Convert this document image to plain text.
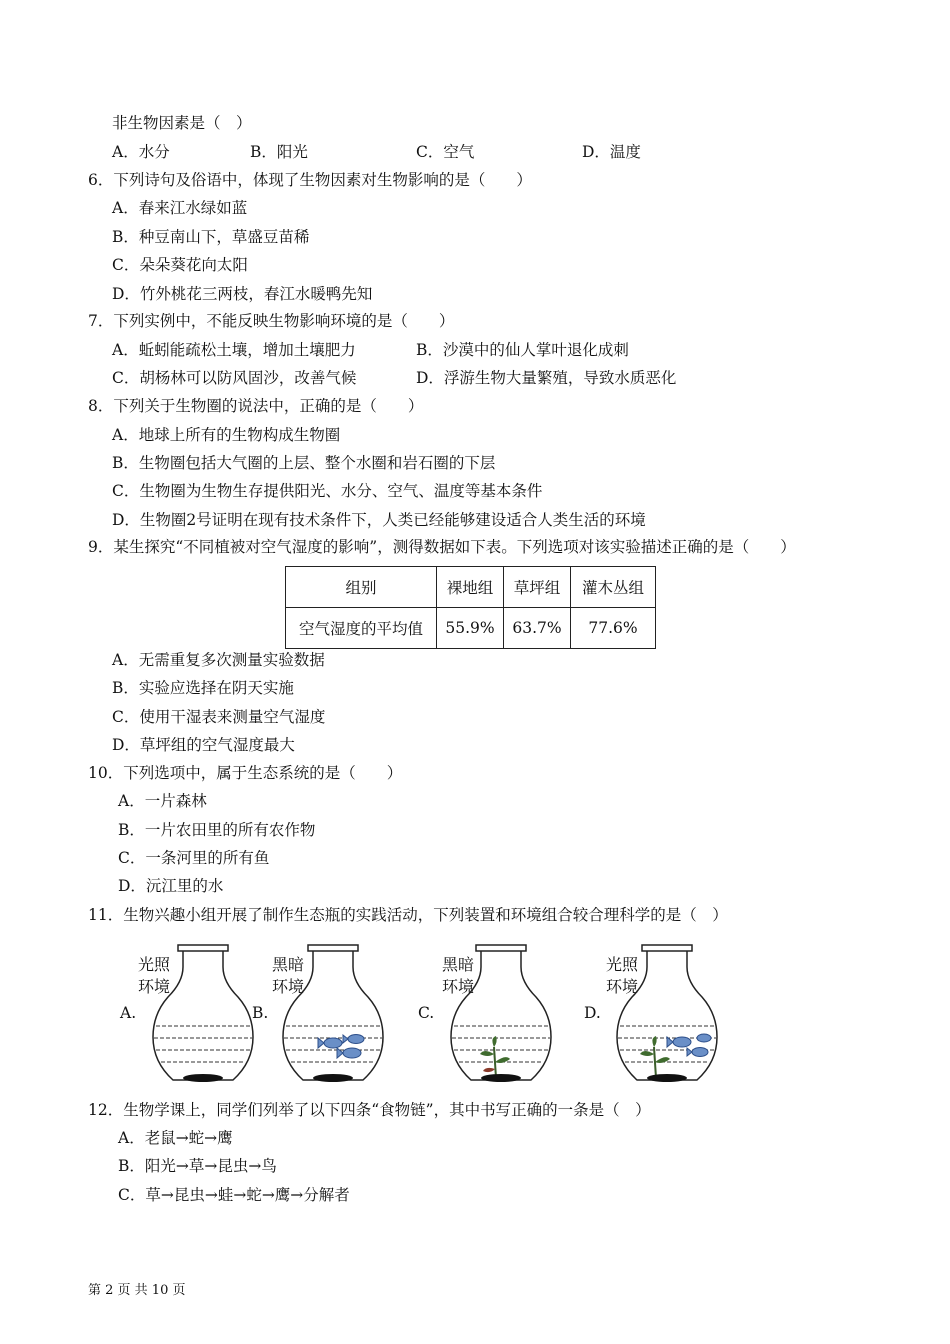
非生物因素是（　）
A．水分	B．阳光	C．空气	D．温度
6．下列诗句及俗语中，体现了生物因素对生物影响的是（　　）
A．春来江水绿如蓝
B．种豆南山下，草盛豆苗稀
C．朵朵葵花向太阳
D．竹外桃花三两枝，春江水暖鸭先知
7．下列实例中，不能反映生物影响环境的是（　　）
A．蚯蚓能疏松土壤，增加土壤肥力	B．沙漠中的仙人掌叶退化成刺
C．胡杨林可以防风固沙，改善气候	D．浮游生物大量繁殖，导致水质恶化
8．下列关于生物圈的说法中，正确的是（　　）
A．地球上所有的生物构成生物圈
B．生物圈包括大气圈的上层、整个水圈和岩石圈的下层
C．生物圈为生物生存提供阳光、水分、空气、温度等基本条件
D．生物圈2号证明在现有技术条件下，人类已经能够建设适合人类生活的环境
9．某生探究“不同植被对空气湿度的影响”，测得数据如下表。下列选项对该实验描述正确的是（　　）
组别	裸地组	草坪组	灌木丛组
空气湿度的平均值	55.9%	63.7%	77.6%
A．无需重复多次测量实验数据
B．实验应选择在阴天实施
C．使用干湿表来测量空气湿度
D．草坪组的空气湿度最大
10．下列选项中，属于生态系统的是（　　）
A．一片森林
B．一片农田里的所有农作物
C．一条河里的所有鱼
D．沅江里的水
11．生物兴趣小组开展了制作生态瓶的实践活动，下列装置和环境组合较合理科学的是（　）
A.
光照
环境
B.
黑暗
环境
C.
黑暗
环境
D.
光照
环境
12．生物学课上，同学们列举了以下四条“食物链”，其中书写正确的一条是（　）
A．老鼠→蛇→鹰
B．阳光→草→昆虫→鸟
C．草→昆虫→蛙→蛇→鹰→分解者
第 2 页 共 10 页
